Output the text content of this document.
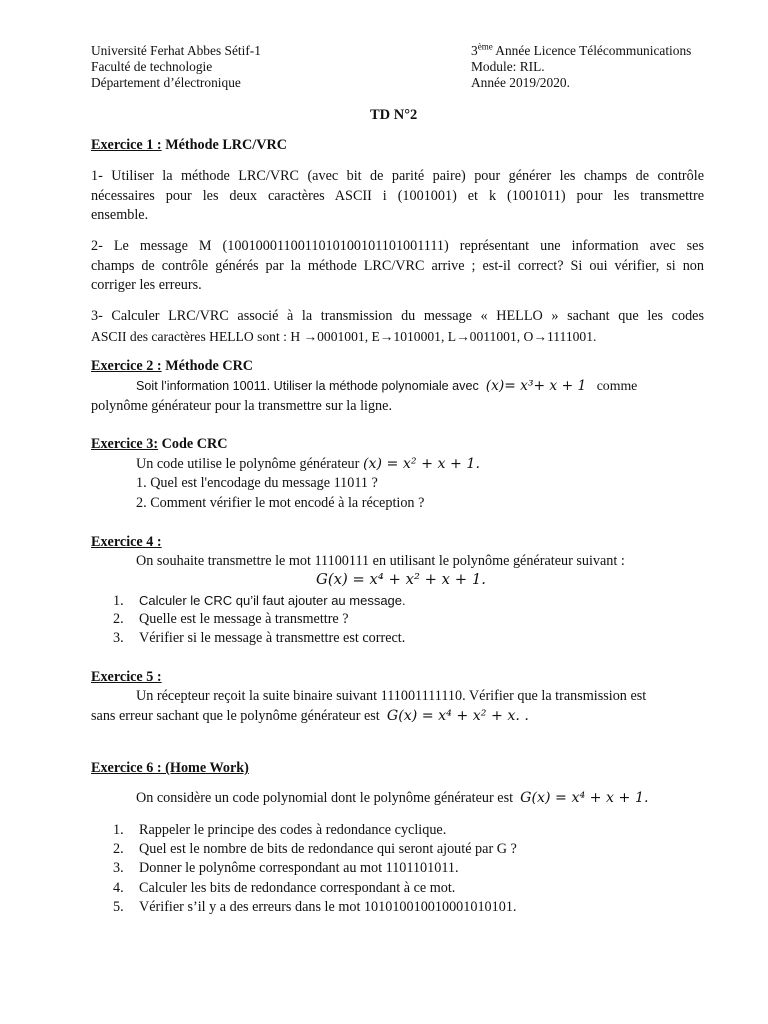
Université Ferhat Abbes Sétif-1
Faculté de technologie
Département d’électronique
3ème Année Licence Télécommunications
Module: RIL.
Année 2019/2020.
TD N°2
Exercice 1 : Méthode LRC/VRC
1- Utiliser la méthode LRC/VRC (avec bit de parité paire) pour générer les champs de contrôle
nécessaires pour les deux caractères ASCII i (1001001) et k (1001011) pour les transmettre
ensemble.
2- Le message M (1001000110011010100101101001111) représentant une information avec ses
champs de contrôle générés par la méthode LRC/VRC arrive ; est-il correct? Si oui vérifier, si non
corriger les erreurs.
3- Calculer LRC/VRC associé à la transmission du message « HELLO » sachant que les codes
ASCII des caractères HELLO sont : H →0001001, E→1010001, L→0011001, O→1111001.
Exercice 2 : Méthode CRC
Soit l’information 10011. Utiliser la méthode polynomiale avec (x)= x³+ x + 1 comme
polynôme générateur pour la transmettre sur la ligne.
Exercice 3: Code CRC
Un code utilise le polynôme générateur (x) = x² + x + 1.
1. Quel est l'encodage du message 11011 ?
2. Comment vérifier le mot encodé à la réception ?
Exercice 4 :
On souhaite transmettre le mot 11100111 en utilisant le polynôme générateur suivant :
G(x) = x⁴ + x² + x + 1.
1. Calculer le CRC qu’il faut ajouter au message.
2. Quelle est le message à transmettre ?
3. Vérifier si le message à transmettre est correct.
Exercice 5 :
Un récepteur reçoit la suite binaire suivant 111001111110. Vérifier que la transmission est
sans erreur sachant que le polynôme générateur est G(x) = x⁴ + x² + x. .
Exercice 6 : (Home Work)
On considère un code polynomial dont le polynôme générateur est G(x) = x⁴ + x + 1.
1. Rappeler le principe des codes à redondance cyclique.
2. Quel est le nombre de bits de redondance qui seront ajouté par G ?
3. Donner le polynôme correspondant au mot 1101101011.
4. Calculer les bits de redondance correspondant à ce mot.
5. Vérifier s’il y a des erreurs dans le mot 101010010010001010101.
